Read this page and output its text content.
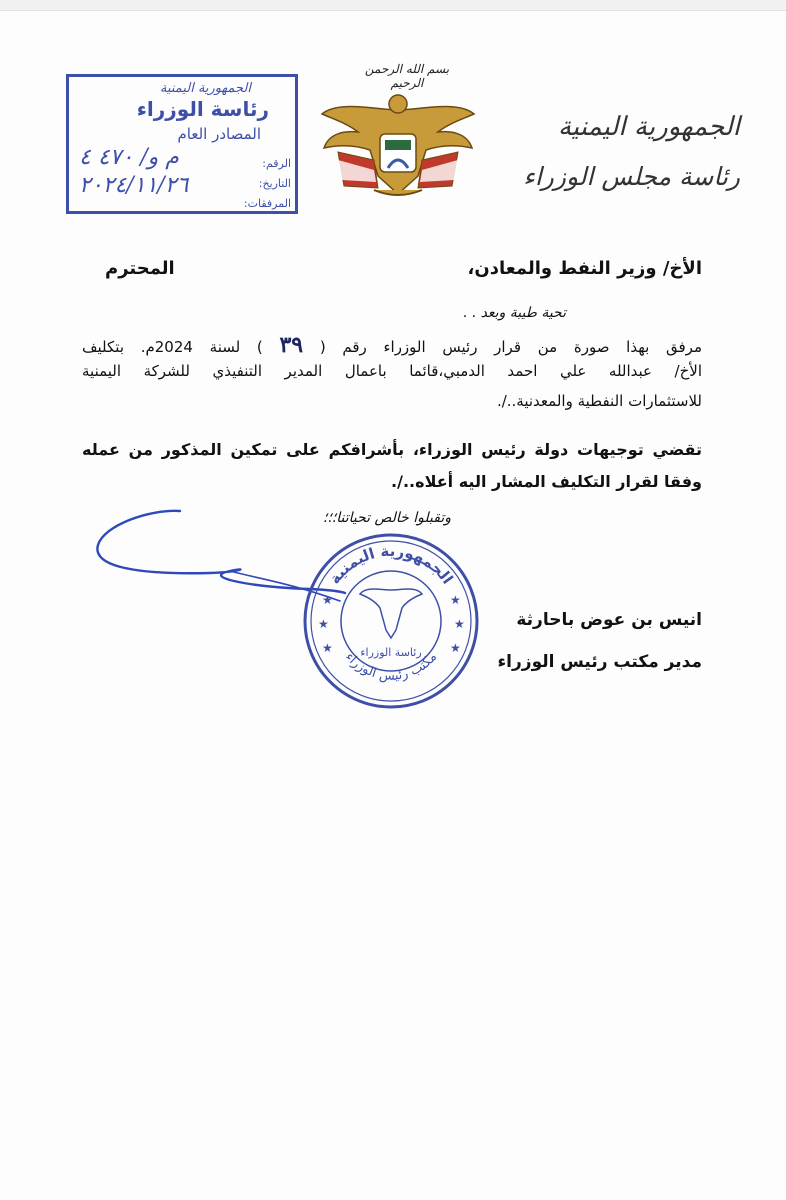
الجمهورية اليمنية
رئاسة الوزراء
المصادر العام
الرقم:
م و/ ٤٧٠ ٤
التاريخ:
٢٠٢٤/١١/٢٦
المرفقات:
بسم الله الرحمن الرحيم
الجمهورية اليمنية
رئاسة مجلس الوزراء
الأخ/ وزير النفط والمعادن،
المحترم
تحية طيبة وبعد . .
مرفق بهذا صورة من قرار رئيس الوزراء رقم ( ٣٩ ) لسنة 2024م. بتكليف
الأخ/ عبدالله علي احمد الدمبي،قائما باعمال المدير التنفيذي للشركة اليمنية
للاستثمارات النفطية والمعدنية../.
تقضي توجيهات دولة رئيس الوزراء، بأشرافكم على تمكين المذكور من عمله
وفقا لقرار التكليف المشار اليه أعلاه../.
وتقبلوا خالص تحياتنا؛؛؛
الجمهورية اليمنية
مكتب رئيس الوزراء
رئاسة الوزراء
★
★
★
★
★
★
انيس بن عوض باحارثة
مدير مكتب رئيس الوزراء
